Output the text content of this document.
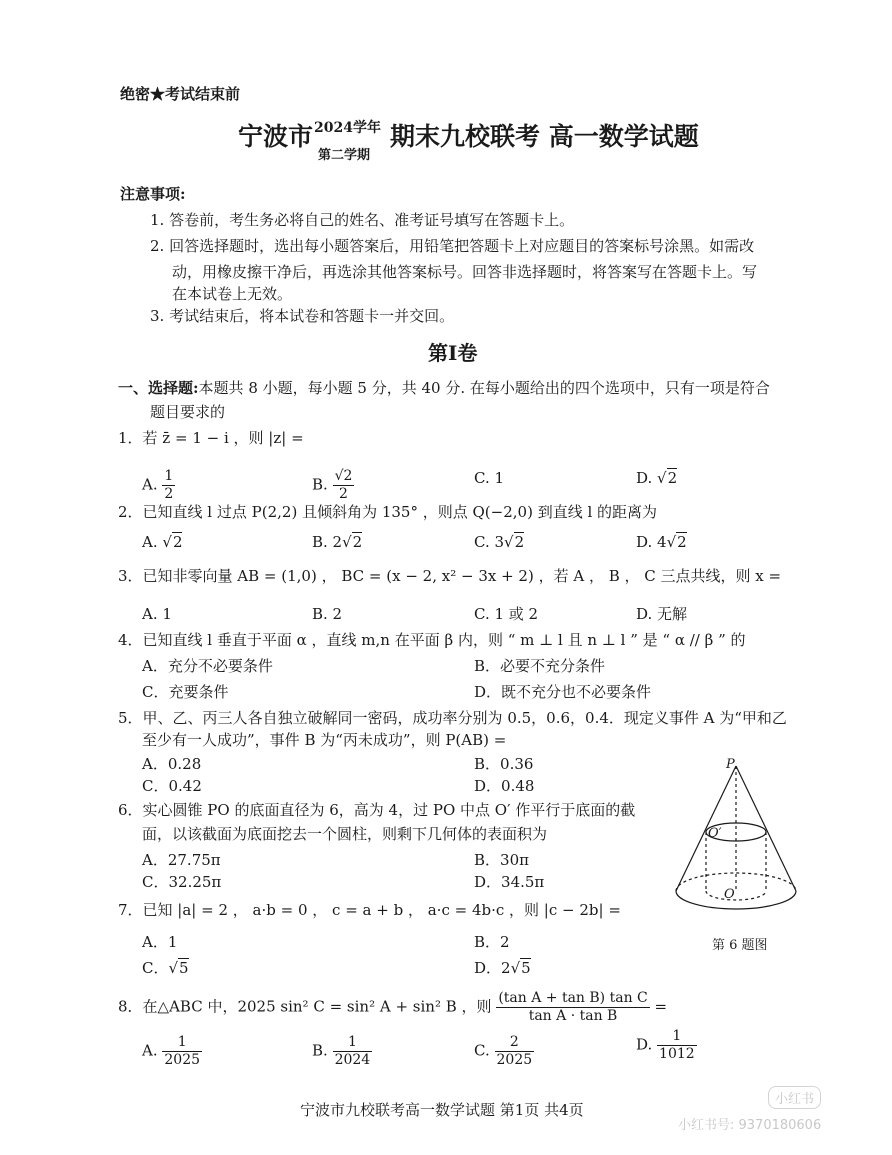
绝密★考试结束前
宁波市 2024学年
第二学期
期末九校联考 高一数学试题
注意事项:
1. 答卷前，考生务必将自己的姓名、准考证号填写在答题卡上。
2. 回答选择题时，选出每小题答案后，用铅笔把答题卡上对应题目的答案标号涂黑。如需改
动，用橡皮擦干净后，再选涂其他答案标号。回答非选择题时，将答案写在答题卡上。写
在本试卷上无效。
3. 考试结束后，将本试卷和答题卡一并交回。
第Ⅰ卷
一、选择题:本题共 8 小题，每小题 5 分，共 40 分. 在每小题给出的四个选项中，只有一项是符合
题目要求的
1．若 z̄ = 1 − i ，则 |z| =
A. $\frac{1}{2}$	B. $\frac{√2}{2}$	C. 1	D. √2
2．已知直线 l 过点 P(2,2) 且倾斜角为 135° ，则点 Q(−2,0) 到直线 l 的距离为
A. √2	B. 2√2	C. 3√2	D. 4√2
3．已知非零向量 AB = (1,0) ， BC = (x − 2, x² − 3x + 2) ，若 A ， B ， C 三点共线，则 x =
A. 1	B. 2	C. 1 或 2	D. 无解
4．已知直线 l 垂直于平面 α ，直线 m,n 在平面 β 内，则 “ m ⊥ l 且 n ⊥ l ” 是 “ α // β ” 的
A．充分不必要条件	B．必要不充分条件
C．充要条件	D．既不充分也不必要条件
5．甲、乙、丙三人各自独立破解同一密码，成功率分别为 0.5，0.6，0.4．现定义事件 A 为“甲和乙
至少有一人成功”，事件 B 为“丙未成功”，则 P(AB) =
A．0.28	B．0.36
C．0.42	D．0.48
6．实心圆锥 PO 的底面直径为 6，高为 4，过 PO 中点 O′ 作平行于底面的截
面，以该截面为底面挖去一个圆柱，则剩下几何体的表面积为
A．27.75π	B．30π
C．32.25π	D．34.5π
P
O′
O
第 6 题图
7．已知 |a| = 2 ， a·b = 0 ， c = a + b ， a·c = 4b·c ，则 |c − 2b| =
A．1	B．2
C．√5	D．2√5
8．在△ABC 中，2025 sin² C = sin² A + sin² B ，则 $\frac{\text{(tan A + tan B) tan C}}{\text{tan A · tan B}}$ =
A. $\frac{1}{2025}$	B. $\frac{1}{2024}$	C. $\frac{2}{2025}$	D. $\frac{1}{1012}$
宁波市九校联考高一数学试题 第1页 共4页
小红书
小红书号: 9370180606
